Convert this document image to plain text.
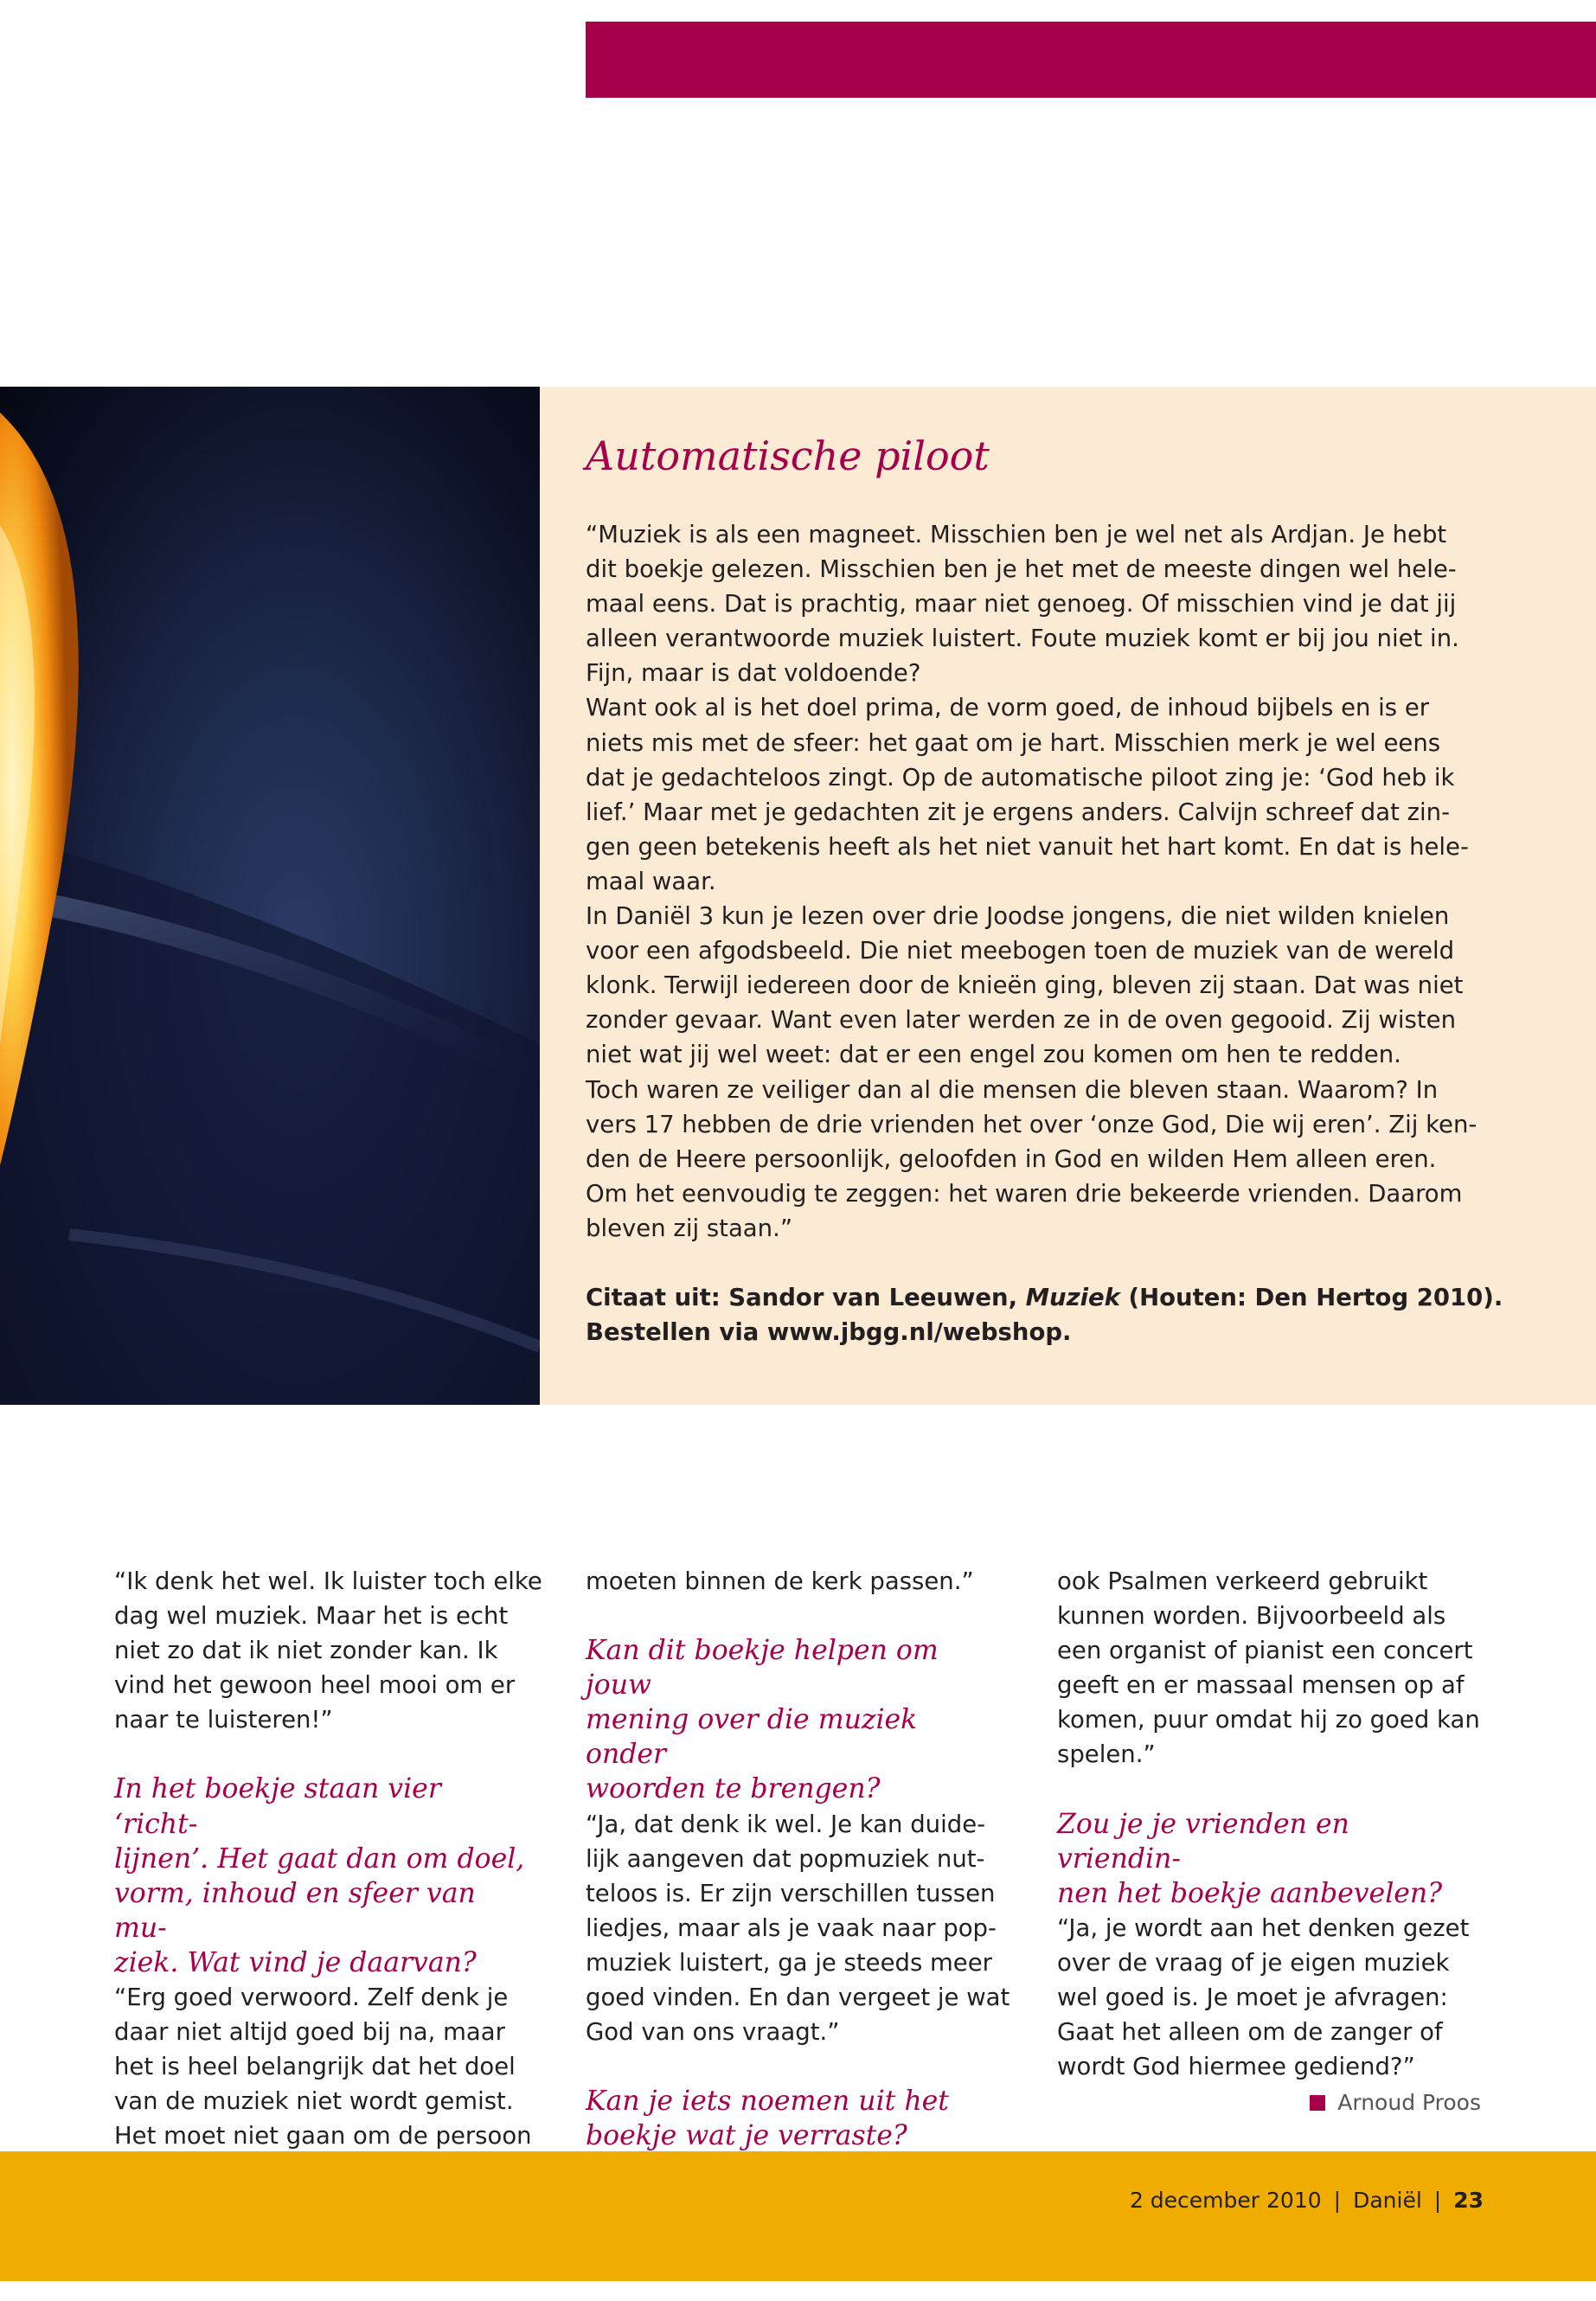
Automatische piloot

“Muziek is als een magneet. Misschien ben je wel net als Ardjan. Je hebt

dit boekje gelezen. Misschien ben je het met de meeste dingen wel hele-

maal eens. Dat is prachtig, maar niet genoeg. Of misschien vind je dat jij

alleen verantwoorde muziek luistert. Foute muziek komt er bij jou niet in.

Fijn, maar is dat voldoende?

Want ook al is het doel prima, de vorm goed, de inhoud bijbels en is er

niets mis met de sfeer: het gaat om je hart. Misschien merk je wel eens

dat je gedachteloos zingt. Op de automatische piloot zing je: ‘God heb ik

lief.’ Maar met je gedachten zit je ergens anders. Calvijn schreef dat zin-

gen geen betekenis heeft als het niet vanuit het hart komt. En dat is hele-

maal waar.

In Daniël 3 kun je lezen over drie Joodse jongens, die niet wilden knielen

voor een afgodsbeeld. Die niet meebogen toen de muziek van de wereld

klonk. Terwijl iedereen door de knieën ging, bleven zij staan. Dat was niet

zonder gevaar. Want even later werden ze in de oven gegooid. Zij wisten

niet wat jij wel weet: dat er een engel zou komen om hen te redden.

Toch waren ze veiliger dan al die mensen die bleven staan. Waarom? In

vers 17 hebben de drie vrienden het over ‘onze God, Die wij eren’. Zij ken-

den de Heere persoonlijk, geloofden in God en wilden Hem alleen eren.

Om het eenvoudig te zeggen: het waren drie bekeerde vrienden. Daarom

bleven zij staan.”

Citaat uit: Sandor van Leeuwen, Muziek (Houten: Den Hertog 2010).

Bestellen via www.jbgg.nl/webshop.

“Ik denk het wel. Ik luister toch elke

dag wel muziek. Maar het is echt

niet zo dat ik niet zonder kan. Ik

vind het gewoon heel mooi om er

naar te luisteren!”

In het boekje staan vier ‘richt-

lijnen’. Het gaat dan om doel,

vorm, inhoud en sfeer van mu-

ziek. Wat vind je daarvan?

“Erg goed verwoord. Zelf denk je

daar niet altijd goed bij na, maar

het is heel belangrijk dat het doel

van de muziek niet wordt gemist.

Het moet niet gaan om de persoon

moeten binnen de kerk passen.”

Kan dit boekje helpen om jouw

mening over die muziek onder

woorden te brengen?

“Ja, dat denk ik wel. Je kan duide-

lijk aangeven dat popmuziek nut-

teloos is. Er zijn verschillen tussen

liedjes, maar als je vaak naar pop-

muziek luistert, ga je steeds meer

goed vinden. En dan vergeet je wat

God van ons vraagt.”

Kan je iets noemen uit het

boekje wat je verraste?

ook Psalmen verkeerd gebruikt

kunnen worden. Bijvoorbeeld als

een organist of pianist een concert

geeft en er massaal mensen op af

komen, puur omdat hij zo goed kan

spelen.”

Zou je je vrienden en vriendin-

nen het boekje aanbevelen?

“Ja, je wordt aan het denken gezet

over de vraag of je eigen muziek

wel goed is. Je moet je afvragen:

Gaat het alleen om de zanger of

wordt God hiermee gediend?”

Arnoud Proos
2 december 2010 | Daniël | 23
